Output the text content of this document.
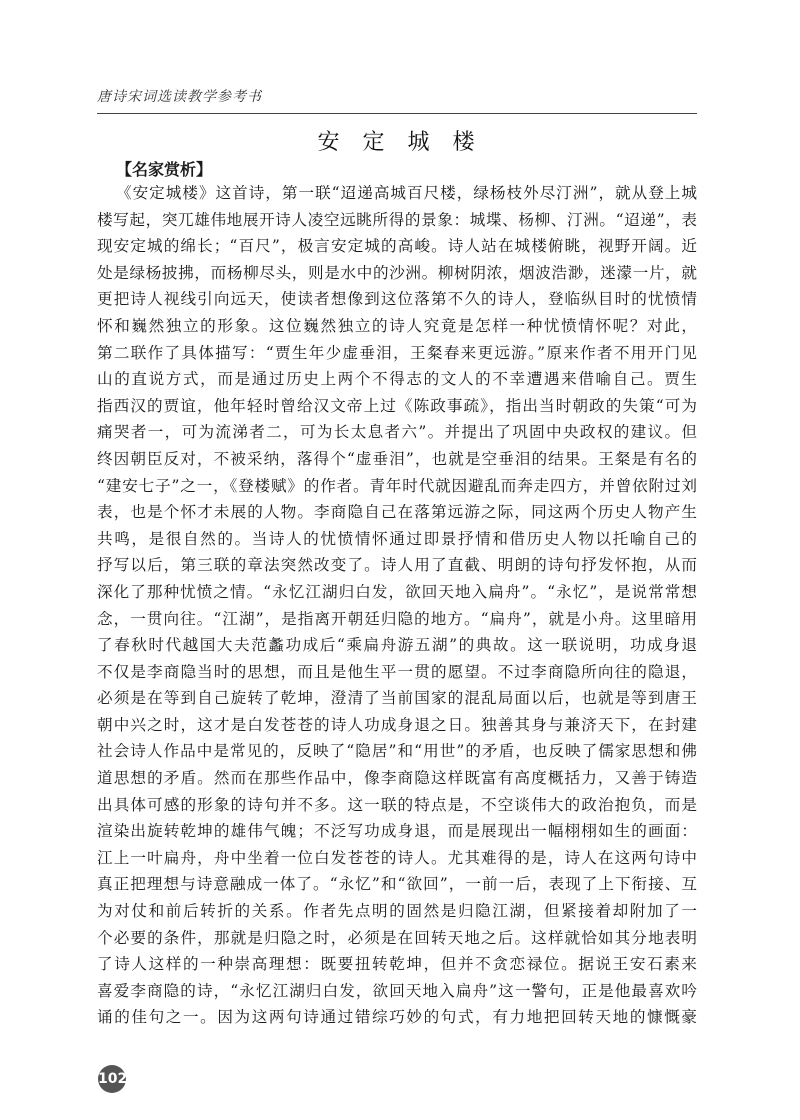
唐诗宋词选读教学参考书
安 定 城 楼
【名家赏析】
《安定城楼》这首诗，第一联“迢递高城百尺楼，绿杨枝外尽汀洲”，就从登上城
楼写起，突兀雄伟地展开诗人凌空远眺所得的景象：城堞、杨柳、汀洲。“迢递”，表
现安定城的绵长；“百尺”，极言安定城的高峻。诗人站在城楼俯眺，视野开阔。近
处是绿杨披拂，而杨柳尽头，则是水中的沙洲。柳树阴浓，烟波浩渺，迷濛一片，就
更把诗人视线引向远天，使读者想像到这位落第不久的诗人，登临纵目时的忧愤情
怀和巍然独立的形象。这位巍然独立的诗人究竟是怎样一种忧愤情怀呢？对此，
第二联作了具体描写：“贾生年少虚垂泪，王粲春来更远游。”原来作者不用开门见
山的直说方式，而是通过历史上两个不得志的文人的不幸遭遇来借喻自己。贾生
指西汉的贾谊，他年轻时曾给汉文帝上过《陈政事疏》，指出当时朝政的失策“可为
痛哭者一，可为流涕者二，可为长太息者六”。并提出了巩固中央政权的建议。但
终因朝臣反对，不被采纳，落得个“虚垂泪”，也就是空垂泪的结果。王粲是有名的
“建安七子”之一，《登楼赋》的作者。青年时代就因避乱而奔走四方，并曾依附过刘
表，也是个怀才未展的人物。李商隐自己在落第远游之际，同这两个历史人物产生
共鸣，是很自然的。当诗人的忧愤情怀通过即景抒情和借历史人物以托喻自己的
抒写以后，第三联的章法突然改变了。诗人用了直截、明朗的诗句抒发怀抱，从而
深化了那种忧愤之情。“永忆江湖归白发，欲回天地入扁舟”。“永忆”，是说常常想
念，一贯向往。“江湖”，是指离开朝廷归隐的地方。“扁舟”，就是小舟。这里暗用
了春秋时代越国大夫范蠡功成后“乘扁舟游五湖”的典故。这一联说明，功成身退
不仅是李商隐当时的思想，而且是他生平一贯的愿望。不过李商隐所向往的隐退，
必须是在等到自己旋转了乾坤，澄清了当前国家的混乱局面以后，也就是等到唐王
朝中兴之时，这才是白发苍苍的诗人功成身退之日。独善其身与兼济天下，在封建
社会诗人作品中是常见的，反映了“隐居”和“用世”的矛盾，也反映了儒家思想和佛
道思想的矛盾。然而在那些作品中，像李商隐这样既富有高度概括力，又善于铸造
出具体可感的形象的诗句并不多。这一联的特点是，不空谈伟大的政治抱负，而是
渲染出旋转乾坤的雄伟气魄；不泛写功成身退，而是展现出一幅栩栩如生的画面：
江上一叶扁舟，舟中坐着一位白发苍苍的诗人。尤其难得的是，诗人在这两句诗中
真正把理想与诗意融成一体了。“永忆”和“欲回”，一前一后，表现了上下衔接、互
为对仗和前后转折的关系。作者先点明的固然是归隐江湖，但紧接着却附加了一
个必要的条件，那就是归隐之时，必须是在回转天地之后。这样就恰如其分地表明
了诗人这样的一种崇高理想：既要扭转乾坤，但并不贪恋禄位。据说王安石素来
喜爱李商隐的诗，“永忆江湖归白发，欲回天地入扁舟”这一警句，正是他最喜欢吟
诵的佳句之一。因为这两句诗通过错综巧妙的句式，有力地把回转天地的慷慨豪
102
